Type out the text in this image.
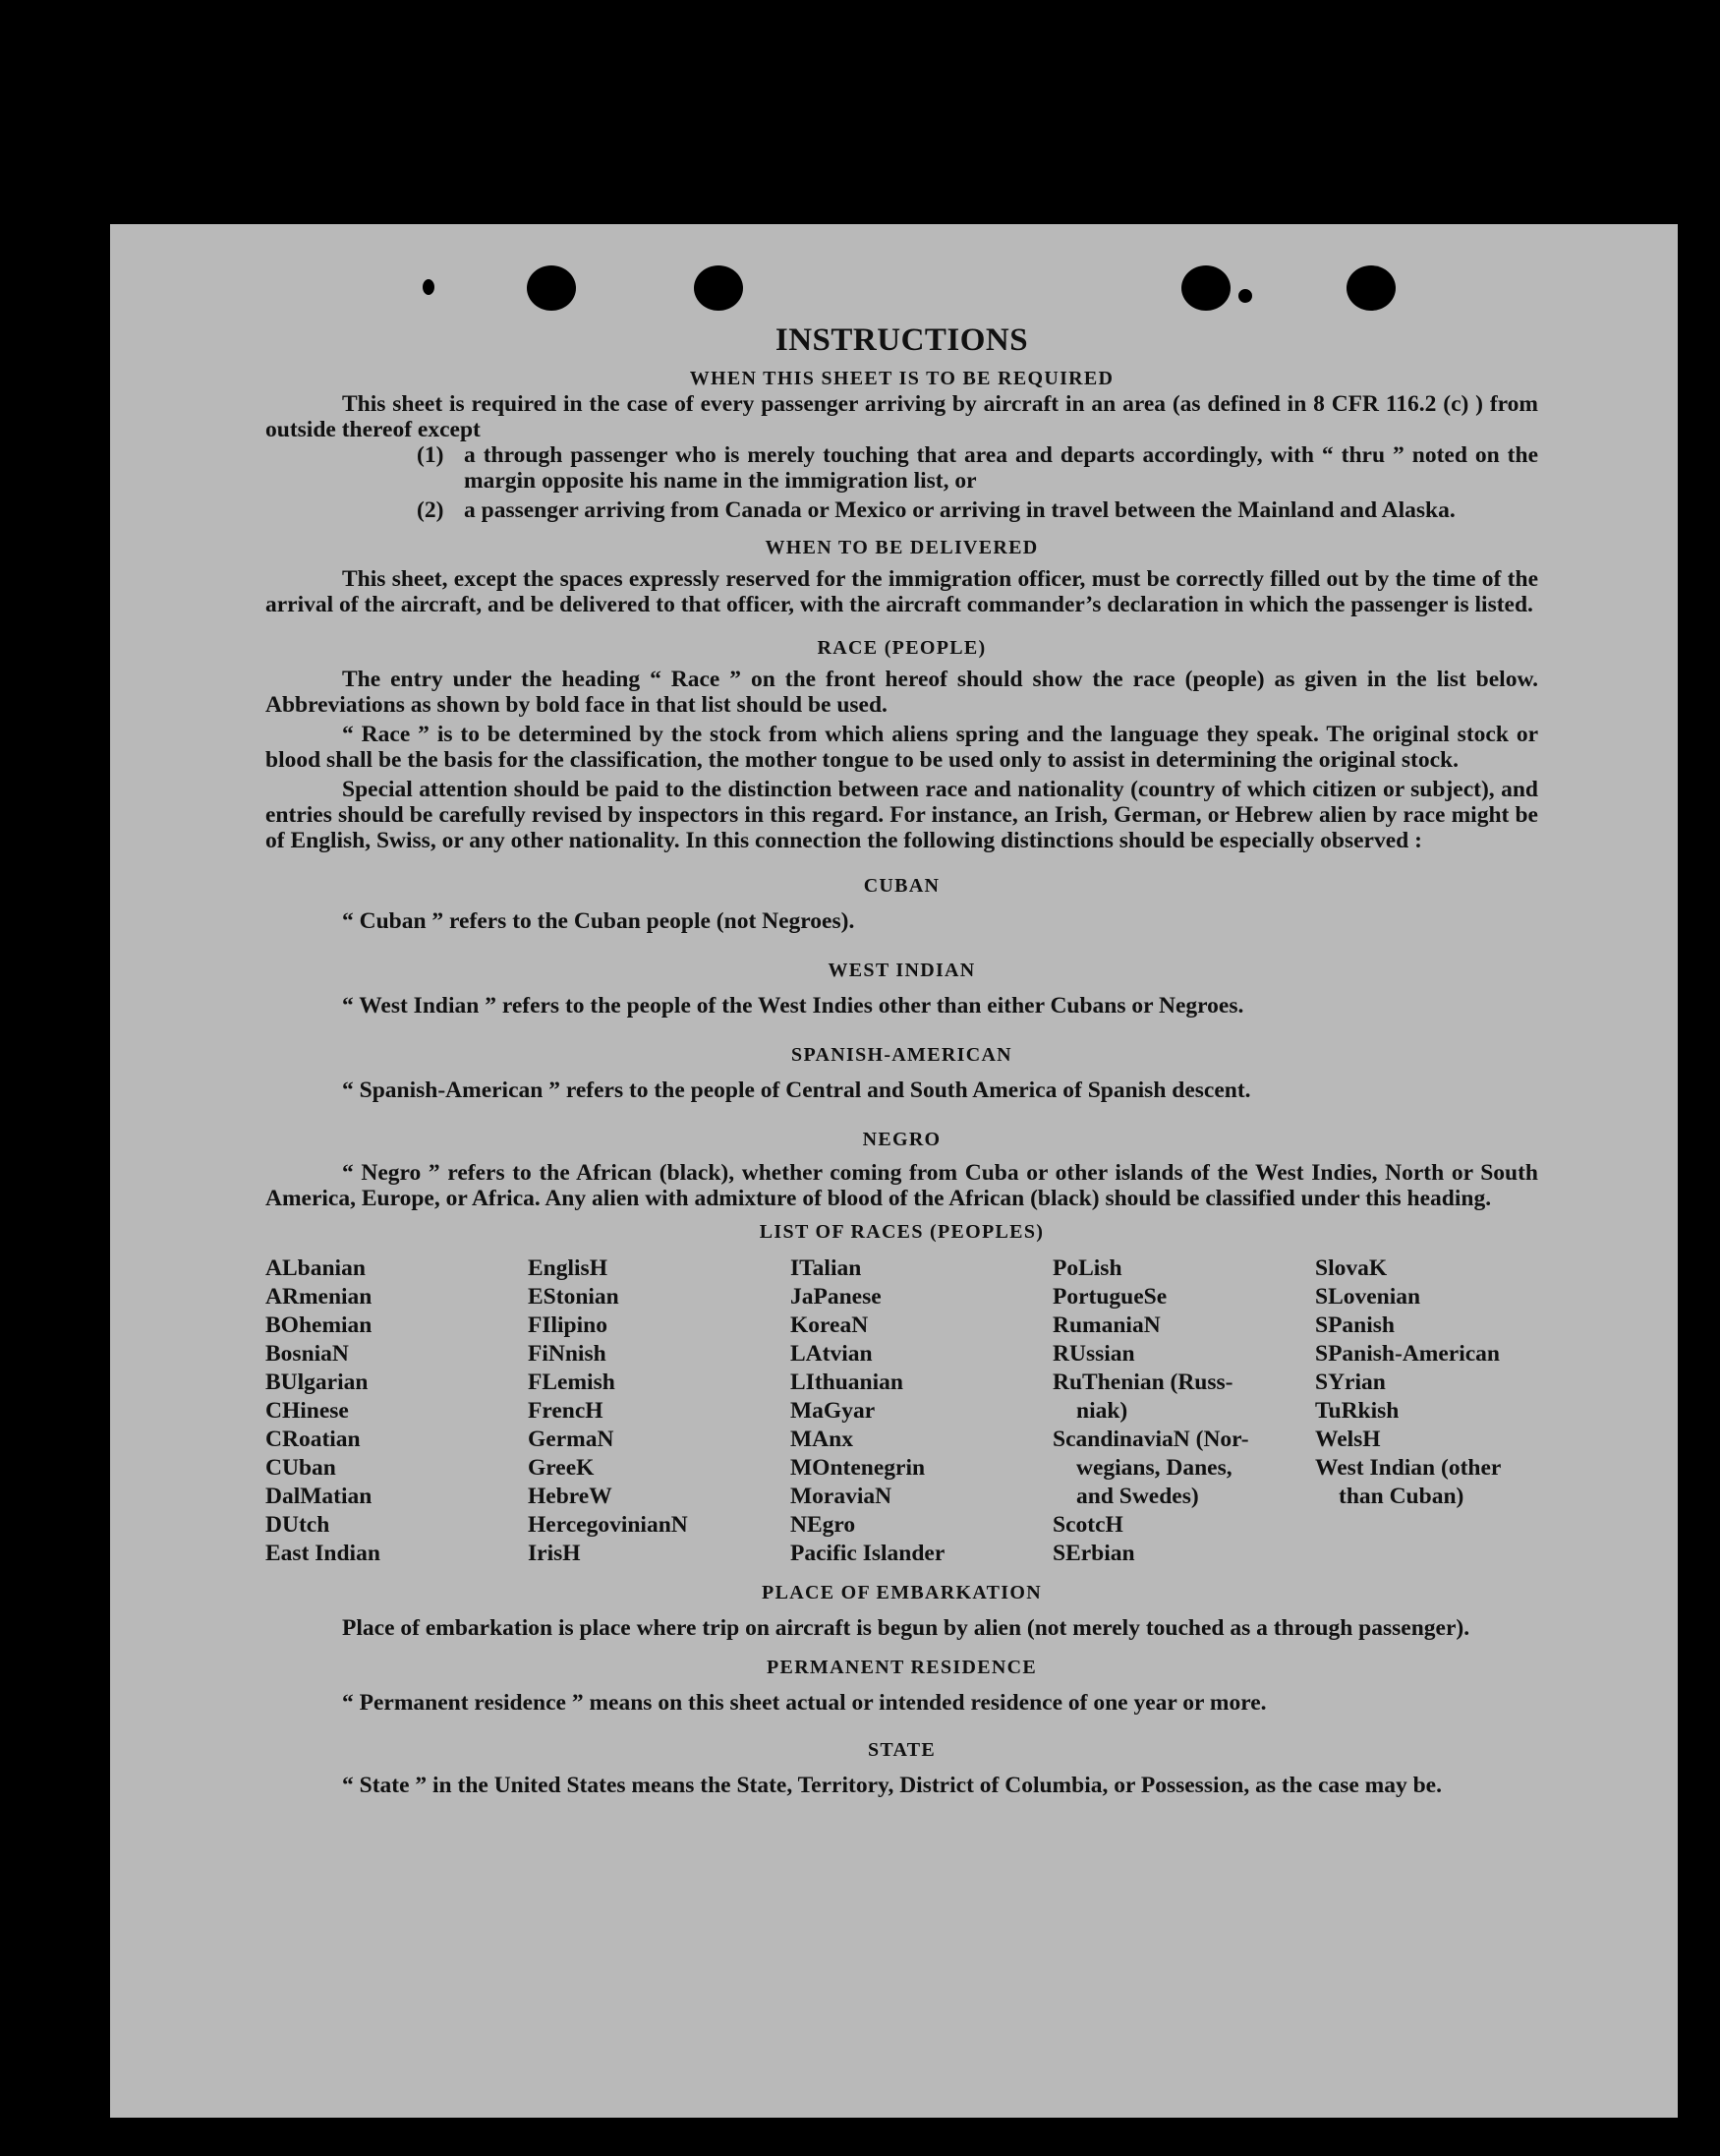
INSTRUCTIONS
WHEN THIS SHEET IS TO BE REQUIRED

This sheet is required in the case of every passenger arriving by aircraft in an area (as defined in 8 CFR 116.2 (c) ) from outside thereof except

(1) a through passenger who is merely touching that area and departs accordingly, with “ thru ” noted on the margin opposite his name in the immigration list, or
(2) a passenger arriving from Canada or Mexico or arriving in travel between the Mainland and Alaska.
WHEN TO BE DELIVERED

This sheet, except the spaces expressly reserved for the immigration officer, must be correctly filled out by the time of the arrival of the aircraft, and be delivered to that officer, with the aircraft commander’s declaration in which the passenger is listed.

RACE (PEOPLE)

The entry under the heading “ Race ” on the front hereof should show the race (people) as given in the list below. Abbreviations as shown by bold face in that list should be used.

“ Race ” is to be determined by the stock from which aliens spring and the language they speak. The original stock or blood shall be the basis for the classification, the mother tongue to be used only to assist in determining the original stock.

Special attention should be paid to the distinction between race and nationality (country of which citizen or subject), and entries should be carefully revised by inspectors in this regard. For instance, an Irish, German, or Hebrew alien by race might be of English, Swiss, or any other nationality. In this connection the following distinctions should be especially observed :

CUBAN

“ Cuban ” refers to the Cuban people (not Negroes).

WEST INDIAN

“ West Indian ” refers to the people of the West Indies other than either Cubans or Negroes.

SPANISH-AMERICAN

“ Spanish-American ” refers to the people of Central and South America of Spanish descent.

NEGRO

“ Negro ” refers to the African (black), whether coming from Cuba or other islands of the West Indies, North or South America, Europe, or Africa. Any alien with admixture of blood of the African (black) should be classified under this heading.

LIST OF RACES (PEOPLES)
ALbanian
ARmenian
BOhemian
BosniaN
BUlgarian
CHinese
CRoatian
CUban
DalMatian
DUtch
East Indian
EnglisH
EStonian
FIlipino
FiNnish
FLemish
FrencH
GermaN
GreeK
HebreW
HercegovinianN
IrisH
ITalian
JaPanese
KoreaN
LAtvian
LIthuanian
MaGyar
MAnx
MOntenegrin
MoraviaN
NEgro
Pacific Islander
PoLish
PortugueSe
RumaniaN
RUssian
RuThenian (Russ-
niak)
ScandinaviaN (Nor-
wegians, Danes,
and Swedes)
ScotcH
SErbian
SlovaK
SLovenian
SPanish
SPanish-American
SYrian
TuRkish
WelsH
West Indian (other
than Cuban)
PLACE OF EMBARKATION

Place of embarkation is place where trip on aircraft is begun by alien (not merely touched as a through passenger).

PERMANENT RESIDENCE

“ Permanent residence ” means on this sheet actual or intended residence of one year or more.

STATE

“ State ” in the United States means the State, Territory, District of Columbia, or Possession, as the case may be.
